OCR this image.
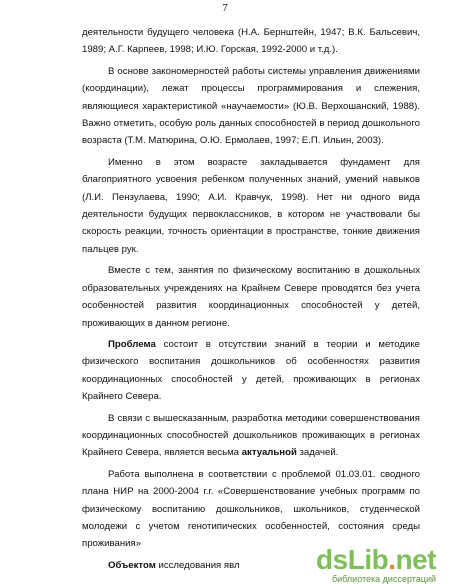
7

деятельности будущего человека (Н.А. Бернштейн, 1947; В.К. Бальсевич, 1989; А.Г. Карпеев, 1998; И.Ю. Горская, 1992-2000 и т.д.).

В основе закономерностей работы системы управления движениями (координации), лежат процессы программирования и слежения, являющиеся характеристикой «научаемости» (Ю.В. Верхошанский, 1988). Важно отметить, особую роль данных способностей в период дошкольного возраста (Т.М. Матюрина, О.Ю. Ермолаев, 1997; Е.П. Ильин, 2003).

Именно в этом возрасте закладывается фундамент для благоприятного усвоения ребенком полученных знаний, умений навыков (Л.И. Пензулаева, 1990; А.И. Кравчук, 1998). Нет ни одного вида деятельности будущих первоклассников, в котором не участвовали бы скорость реакции, точность ориентации в пространстве, тонкие движения пальцев рук.

Вместе с тем, занятия по физическому воспитанию в дошкольных образовательных учреждениях на Крайнем Севере проводятся без учета особенностей развития координационных способностей у детей, проживающих в данном регионе.

Проблема состоит в отсутствии знаний в теории и методике физического воспитания дошкольников об особенностях развития координационных способностей у детей, проживающих в регионах Крайнего Севера.

В связи с вышесказанным, разработка методики совершенствования координационных способностей дошкольников проживающих в регионах Крайнего Севера, является весьма актуальной задачей.

Работа выполнена в соответствии с проблемой 01.03.01. сводного плана НИР на 2000-2004 г.г. «Совершенствование учебных программ по физическому воспитанию дошкольников, школьников, студенческой молодежи с учетом генотипических особенностей, состояния среды проживания»

Объектом исследования явл	dsLib.net
библиотека диссертаций
